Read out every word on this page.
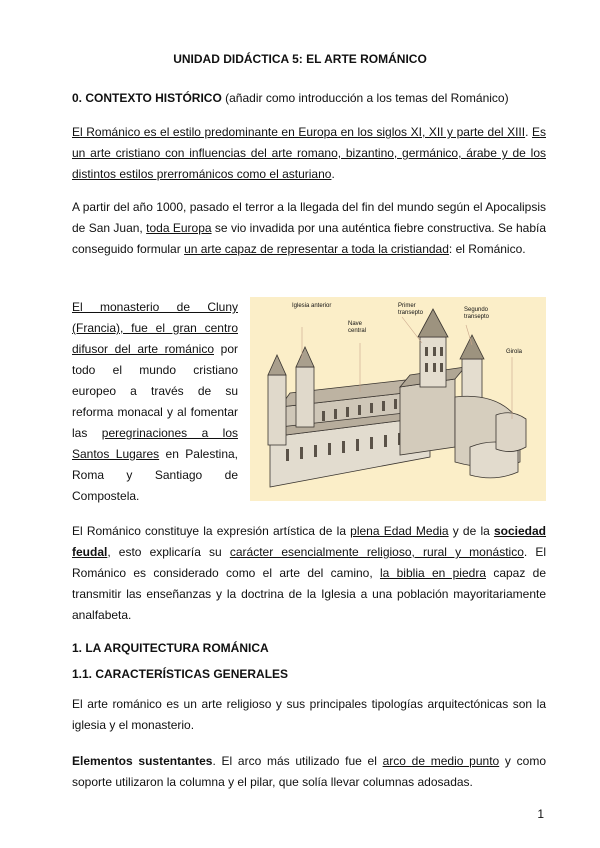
UNIDAD DIDÁCTICA 5: EL ARTE ROMÁNICO

0. CONTEXTO HISTÓRICO (añadir como introducción a los temas del Románico)

El Románico es el estilo predominante en Europa en los siglos XI, XII y parte del XIII. Es un arte cristiano con influencias del arte romano, bizantino, germánico, árabe y de los distintos estilos prerrománicos como el asturiano.

A partir del año 1000, pasado el terror a la llegada del fin del mundo según el Apocalipsis de San Juan, toda Europa se vio invadida por una auténtica fiebre constructiva. Se había conseguido formular un arte capaz de representar a toda la cristiandad: el Románico.

El monasterio de Cluny (Francia), fue el gran centro difusor del arte románico por todo el mundo cristiano europeo a través de su reforma monacal y al fomentar las peregrinaciones a los Santos Lugares en Palestina, Roma y Santiago de Compostela.

Iglesia anterior
Nave central
Primer transepto	Segundo transepto
Girola

El Románico constituye la expresión artística de la plena Edad Media y de la sociedad feudal, esto explicaría su carácter esencialmente religioso, rural y monástico. El Románico es considerado como el arte del camino, la biblia en piedra capaz de transmitir las enseñanzas y la doctrina de la Iglesia a una población mayoritariamente analfabeta.

1. LA ARQUITECTURA ROMÁNICA

1.1. CARACTERÍSTICAS GENERALES

El arte románico es un arte religioso y sus principales tipologías arquitectónicas son la iglesia y el monasterio.

Elementos sustentantes. El arco más utilizado fue el arco de medio punto y como soporte utilizaron la columna y el pilar, que solía llevar columnas adosadas.

1
